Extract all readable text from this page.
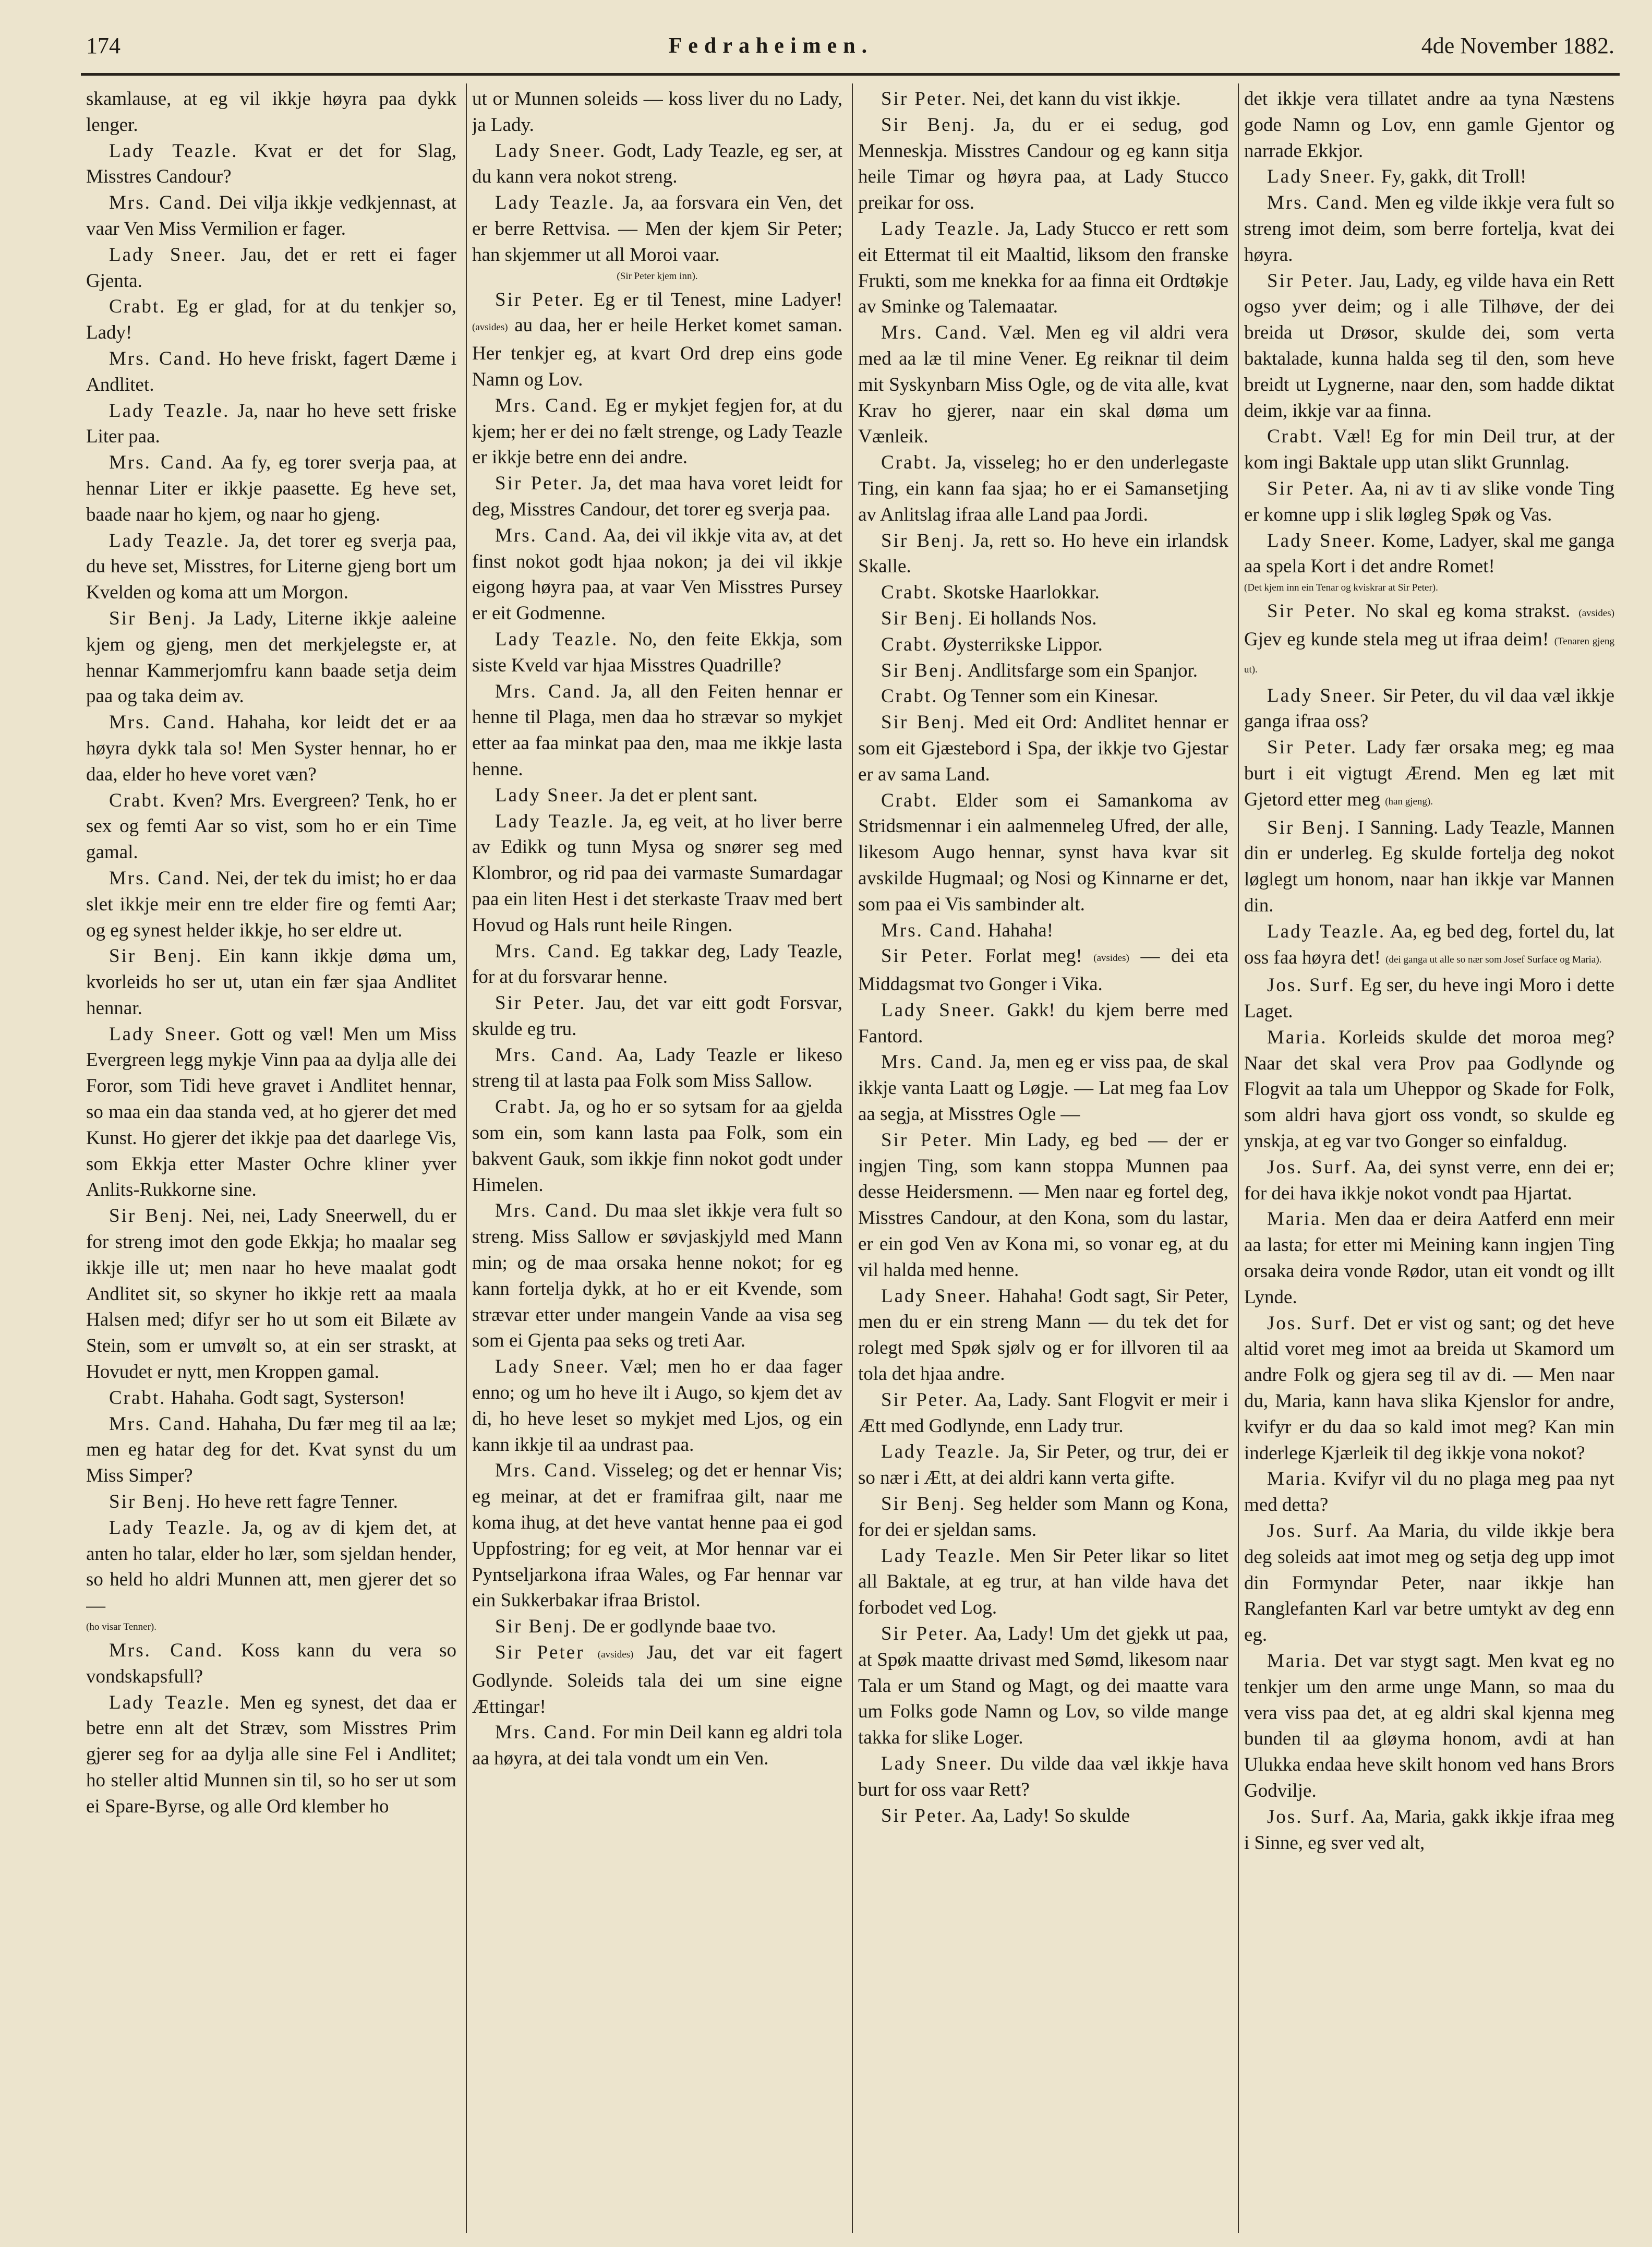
174	Fedraheimen.	4de November 1882.

skamlause, at eg vil ikkje høyra paa dykk lenger.

Lady Teazle. Kvat er det for Slag, Misstres Candour?

Mrs. Cand. Dei vilja ikkje vedkjennast, at vaar Ven Miss Vermilion er fager.

Lady Sneer. Jau, det er rett ei fager Gjenta.

Crabt. Eg er glad, for at du tenkjer so, Lady!

Mrs. Cand. Ho heve friskt, fagert Dæme i Andlitet.

Lady Teazle. Ja, naar ho heve sett friske Liter paa.

Mrs. Cand. Aa fy, eg torer sverja paa, at hennar Liter er ikkje paasette. Eg heve set, baade naar ho kjem, og naar ho gjeng.

Lady Teazle. Ja, det torer eg sverja paa, du heve set, Misstres, for Literne gjeng bort um Kvelden og koma att um Morgon.

Sir Benj. Ja Lady, Literne ikkje aaleine kjem og gjeng, men det merkjelegste er, at hennar Kammerjomfru kann baade setja deim paa og taka deim av.

Mrs. Cand. Hahaha, kor leidt det er aa høyra dykk tala so! Men Syster hennar, ho er daa, elder ho heve voret væn?

Crabt. Kven? Mrs. Evergreen? Tenk, ho er sex og femti Aar so vist, som ho er ein Time gamal.

Mrs. Cand. Nei, der tek du imist; ho er daa slet ikkje meir enn tre elder fire og femti Aar; og eg synest helder ikkje, ho ser eldre ut.

Sir Benj. Ein kann ikkje døma um, kvorleids ho ser ut, utan ein fær sjaa Andlitet hennar.

Lady Sneer. Gott og væl! Men um Miss Evergreen legg mykje Vinn paa aa dylja alle dei Foror, som Tidi heve gravet i Andlitet hennar, so maa ein daa standa ved, at ho gjerer det med Kunst. Ho gjerer det ikkje paa det daarlege Vis, som Ekkja etter Master Ochre kliner yver Anlits-Rukkorne sine.

Sir Benj. Nei, nei, Lady Sneerwell, du er for streng imot den gode Ekkja; ho maalar seg ikkje ille ut; men naar ho heve maalat godt Andlitet sit, so skyner ho ikkje rett aa maala Halsen med; difyr ser ho ut som eit Bilæte av Stein, som er umvølt so, at ein ser straskt, at Hovudet er nytt, men Kroppen gamal.

Crabt. Hahaha. Godt sagt, Systerson!

Mrs. Cand. Hahaha, Du fær meg til aa læ; men eg hatar deg for det. Kvat synst du um Miss Simper?

Sir Benj. Ho heve rett fagre Tenner.

Lady Teazle. Ja, og av di kjem det, at anten ho talar, elder ho lær, som sjeldan hender, so held ho aldri Munnen att, men gjerer det so —

(ho visar Tenner).

Mrs. Cand. Koss kann du vera so vondskapsfull?

Lady Teazle. Men eg synest, det daa er betre enn alt det Stræv, som Misstres Prim gjerer seg for aa dylja alle sine Fel i Andlitet; ho steller altid Munnen sin til, so ho ser ut som ei Spare-Byrse, og alle Ord klember ho

ut or Munnen soleids — koss liver du no Lady, ja Lady.

Lady Sneer. Godt, Lady Teazle, eg ser, at du kann vera nokot streng.

Lady Teazle. Ja, aa forsvara ein Ven, det er berre Rettvisa. — Men der kjem Sir Peter; han skjemmer ut all Moroi vaar.

(Sir Peter kjem inn).

Sir Peter. Eg er til Tenest, mine Ladyer! (avsides) au daa, her er heile Herket komet saman. Her tenkjer eg, at kvart Ord drep eins gode Namn og Lov.

Mrs. Cand. Eg er mykjet fegjen for, at du kjem; her er dei no fælt strenge, og Lady Teazle er ikkje betre enn dei andre.

Sir Peter. Ja, det maa hava voret leidt for deg, Misstres Candour, det torer eg sverja paa.

Mrs. Cand. Aa, dei vil ikkje vita av, at det finst nokot godt hjaa nokon; ja dei vil ikkje eigong høyra paa, at vaar Ven Misstres Pursey er eit Godmenne.

Lady Teazle. No, den feite Ekkja, som siste Kveld var hjaa Misstres Quadrille?

Mrs. Cand. Ja, all den Feiten hennar er henne til Plaga, men daa ho strævar so mykjet etter aa faa minkat paa den, maa me ikkje lasta henne.

Lady Sneer. Ja det er plent sant.

Lady Teazle. Ja, eg veit, at ho liver berre av Edikk og tunn Mysa og snører seg med Klombror, og rid paa dei varmaste Sumardagar paa ein liten Hest i det sterkaste Traav med bert Hovud og Hals runt heile Ringen.

Mrs. Cand. Eg takkar deg, Lady Teazle, for at du forsvarar henne.

Sir Peter. Jau, det var eitt godt Forsvar, skulde eg tru.

Mrs. Cand. Aa, Lady Teazle er likeso streng til at lasta paa Folk som Miss Sallow.

Crabt. Ja, og ho er so sytsam for aa gjelda som ein, som kann lasta paa Folk, som ein bakvent Gauk, som ikkje finn nokot godt under Himelen.

Mrs. Cand. Du maa slet ikkje vera fult so streng. Miss Sallow er søvjaskjyld med Mann min; og de maa orsaka henne nokot; for eg kann fortelja dykk, at ho er eit Kvende, som strævar etter under mangein Vande aa visa seg som ei Gjenta paa seks og treti Aar.

Lady Sneer. Væl; men ho er daa fager enno; og um ho heve ilt i Augo, so kjem det av di, ho heve leset so mykjet med Ljos, og ein kann ikkje til aa undrast paa.

Mrs. Cand. Visseleg; og det er hennar Vis; eg meinar, at det er framifraa gilt, naar me koma ihug, at det heve vantat henne paa ei god Uppfostring; for eg veit, at Mor hennar var ei Pyntseljarkona ifraa Wales, og Far hennar var ein Sukkerbakar ifraa Bristol.

Sir Benj. De er godlynde baae tvo.

Sir Peter (avsides) Jau, det var eit fagert Godlynde. Soleids tala dei um sine eigne Ættingar!

Mrs. Cand. For min Deil kann eg aldri tola aa høyra, at dei tala vondt um ein Ven.

Sir Peter. Nei, det kann du vist ikkje.

Sir Benj. Ja, du er ei sedug, god Menneskja. Misstres Candour og eg kann sitja heile Timar og høyra paa, at Lady Stucco preikar for oss.

Lady Teazle. Ja, Lady Stucco er rett som eit Ettermat til eit Maaltid, liksom den franske Frukti, som me knekka for aa finna eit Ordtøkje av Sminke og Talemaatar.

Mrs. Cand. Væl. Men eg vil aldri vera med aa læ til mine Vener. Eg reiknar til deim mit Syskynbarn Miss Ogle, og de vita alle, kvat Krav ho gjerer, naar ein skal døma um Vænleik.

Crabt. Ja, visseleg; ho er den underlegaste Ting, ein kann faa sjaa; ho er ei Samansetjing av Anlitslag ifraa alle Land paa Jordi.

Sir Benj. Ja, rett so. Ho heve ein irlandsk Skalle.

Crabt. Skotske Haarlokkar.

Sir Benj. Ei hollands Nos.

Crabt. Øysterrikske Lippor.

Sir Benj. Andlitsfarge som ein Spanjor.

Crabt. Og Tenner som ein Kinesar.

Sir Benj. Med eit Ord: Andlitet hennar er som eit Gjæstebord i Spa, der ikkje tvo Gjestar er av sama Land.

Crabt. Elder som ei Samankoma av Stridsmennar i ein aalmenneleg Ufred, der alle, likesom Augo hennar, synst hava kvar sit avskilde Hugmaal; og Nosi og Kinnarne er det, som paa ei Vis sambinder alt.

Mrs. Cand. Hahaha!

Sir Peter. Forlat meg! (avsides) — dei eta Middagsmat tvo Gonger i Vika.

Lady Sneer. Gakk! du kjem berre med Fantord.

Mrs. Cand. Ja, men eg er viss paa, de skal ikkje vanta Laatt og Løgje. — Lat meg faa Lov aa segja, at Misstres Ogle —

Sir Peter. Min Lady, eg bed — der er ingjen Ting, som kann stoppa Munnen paa desse Heidersmenn. — Men naar eg fortel deg, Misstres Candour, at den Kona, som du lastar, er ein god Ven av Kona mi, so vonar eg, at du vil halda med henne.

Lady Sneer. Hahaha! Godt sagt, Sir Peter, men du er ein streng Mann — du tek det for rolegt med Spøk sjølv og er for illvoren til aa tola det hjaa andre.

Sir Peter. Aa, Lady. Sant Flogvit er meir i Ætt med Godlynde, enn Lady trur.

Lady Teazle. Ja, Sir Peter, og trur, dei er so nær i Ætt, at dei aldri kann verta gifte.

Sir Benj. Seg helder som Mann og Kona, for dei er sjeldan sams.

Lady Teazle. Men Sir Peter likar so litet all Baktale, at eg trur, at han vilde hava det forbodet ved Log.

Sir Peter. Aa, Lady! Um det gjekk ut paa, at Spøk maatte drivast med Sømd, likesom naar Tala er um Stand og Magt, og dei maatte vara um Folks gode Namn og Lov, so vilde mange takka for slike Loger.

Lady Sneer. Du vilde daa væl ikkje hava burt for oss vaar Rett?

Sir Peter. Aa, Lady! So skulde

det ikkje vera tillatet andre aa tyna Næstens gode Namn og Lov, enn gamle Gjentor og narrade Ekkjor.

Lady Sneer. Fy, gakk, dit Troll!

Mrs. Cand. Men eg vilde ikkje vera fult so streng imot deim, som berre fortelja, kvat dei høyra.

Sir Peter. Jau, Lady, eg vilde hava ein Rett ogso yver deim; og i alle Tilhøve, der dei breida ut Drøsor, skulde dei, som verta baktalade, kunna halda seg til den, som heve breidt ut Lygnerne, naar den, som hadde diktat deim, ikkje var aa finna.

Crabt. Væl! Eg for min Deil trur, at der kom ingi Baktale upp utan slikt Grunnlag.

Sir Peter. Aa, ni av ti av slike vonde Ting er komne upp i slik løgleg Spøk og Vas.

Lady Sneer. Kome, Ladyer, skal me ganga aa spela Kort i det andre Romet!

(Det kjem inn ein Tenar og kviskrar at Sir Peter).

Sir Peter. No skal eg koma strakst. (avsides) Gjev eg kunde stela meg ut ifraa deim! (Tenaren gjeng ut).

Lady Sneer. Sir Peter, du vil daa væl ikkje ganga ifraa oss?

Sir Peter. Lady fær orsaka meg; eg maa burt i eit vigtugt Ærend. Men eg læt mit Gjetord etter meg (han gjeng).

Sir Benj. I Sanning. Lady Teazle, Mannen din er underleg. Eg skulde fortelja deg nokot løglegt um honom, naar han ikkje var Mannen din.

Lady Teazle. Aa, eg bed deg, fortel du, lat oss faa høyra det! (dei ganga ut alle so nær som Josef Surface og Maria).

Jos. Surf. Eg ser, du heve ingi Moro i dette Laget.

Maria. Korleids skulde det moroa meg? Naar det skal vera Prov paa Godlynde og Flogvit aa tala um Uheppor og Skade for Folk, som aldri hava gjort oss vondt, so skulde eg ynskja, at eg var tvo Gonger so einfaldug.

Jos. Surf. Aa, dei synst verre, enn dei er; for dei hava ikkje nokot vondt paa Hjartat.

Maria. Men daa er deira Aatferd enn meir aa lasta; for etter mi Meining kann ingjen Ting orsaka deira vonde Rødor, utan eit vondt og illt Lynde.

Jos. Surf. Det er vist og sant; og det heve altid voret meg imot aa breida ut Skamord um andre Folk og gjera seg til av di. — Men naar du, Maria, kann hava slika Kjenslor for andre, kvifyr er du daa so kald imot meg? Kan min inderlege Kjærleik til deg ikkje vona nokot?

Maria. Kvifyr vil du no plaga meg paa nyt med detta?

Jos. Surf. Aa Maria, du vilde ikkje bera deg soleids aat imot meg og setja deg upp imot din Formyndar Peter, naar ikkje han Ranglefanten Karl var betre umtykt av deg enn eg.

Maria. Det var stygt sagt. Men kvat eg no tenkjer um den arme unge Mann, so maa du vera viss paa det, at eg aldri skal kjenna meg bunden til aa gløyma honom, avdi at han Ulukka endaa heve skilt honom ved hans Brors Godvilje.

Jos. Surf. Aa, Maria, gakk ikkje ifraa meg i Sinne, eg sver ved alt,
